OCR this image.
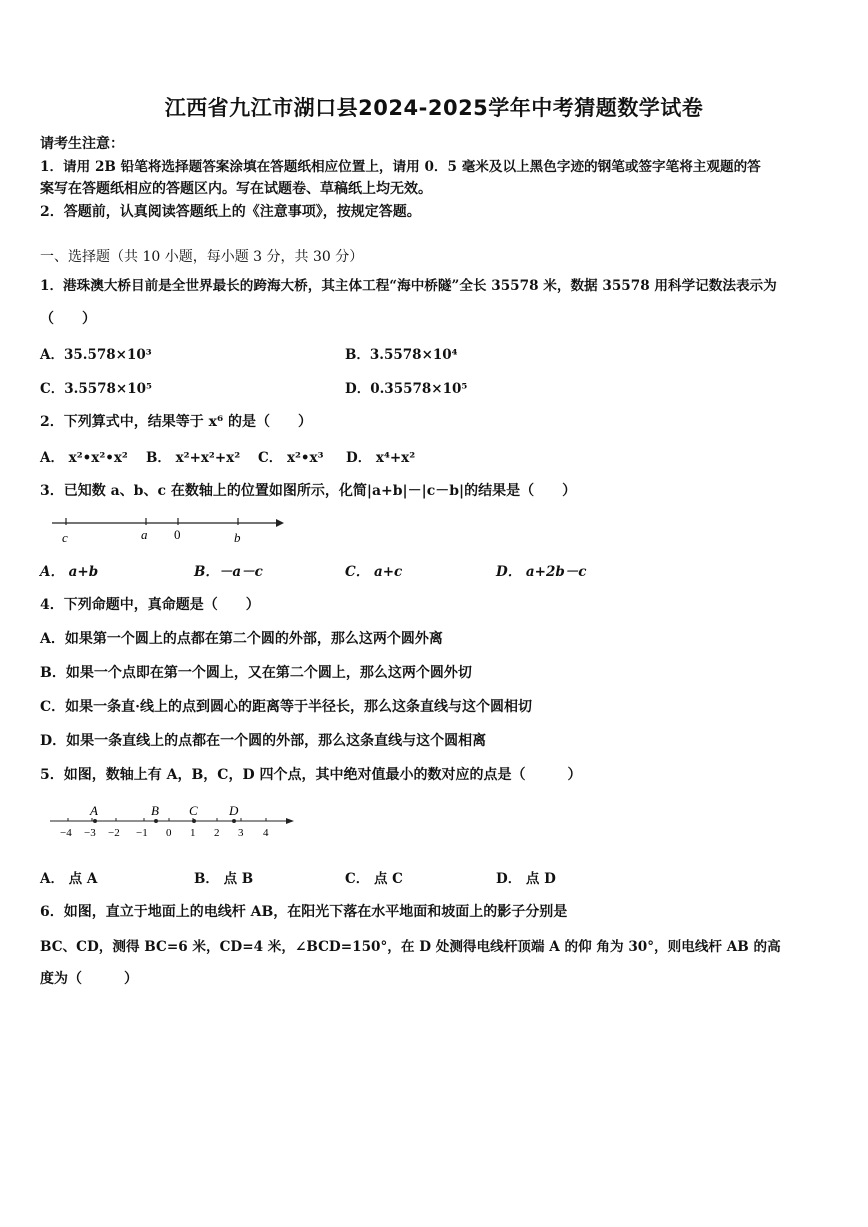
江西省九江市湖口县2024-2025学年中考猜题数学试卷
请考生注意：
1．请用 2B 铅笔将选择题答案涂填在答题纸相应位置上，请用 0．5 毫米及以上黑色字迹的钢笔或签字笔将主观题的答
案写在答题纸相应的答题区内。写在试题卷、草稿纸上均无效。
2．答题前，认真阅读答题纸上的《注意事项》，按规定答题。
一、选择题（共 10 小题，每小题 3 分，共 30 分）
1．港珠澳大桥目前是全世界最长的跨海大桥，其主体工程“海中桥隧”全长 35578 米，数据 35578 用科学记数法表示为
（　　）
A．35.578×10³	B．3.5578×10⁴
C．3.5578×10⁵	D．0.35578×10⁵
2．下列算式中，结果等于 x⁶ 的是（　　）
A． x²•x²•x² B． x²+x²+x² C． x²•x³ D． x⁴+x²
3．已知数 a、b、c 在数轴上的位置如图所示，化简|a+b|－|c－b|的结果是（　　）
c	a 0	b
A． a+b	B．－a－c	C． a+c	D． a+2b－c
4．下列命题中，真命题是（　　）
A．如果第一个圆上的点都在第二个圆的外部，那么这两个圆外离
B．如果一个点即在第一个圆上，又在第二个圆上，那么这两个圆外切
C．如果一条直·线上的点到圆心的距离等于半径长，那么这条直线与这个圆相切
D．如果一条直线上的点都在一个圆的外部，那么这条直线与这个圆相离
5．如图，数轴上有 A，B，C，D 四个点，其中绝对值最小的数对应的点是（　　　）
A	B C D
−4 −3 −2 −1 0 1 2 3 4
A． 点 A	B． 点 B	C． 点 C	D． 点 D
6．如图，直立于地面上的电线杆 AB，在阳光下落在水平地面和坡面上的影子分别是
BC、CD，测得 BC=6 米，CD=4 米，∠BCD=150°，在 D 处测得电线杆顶端 A 的仰 角为 30°，则电线杆 AB 的高
度为（　　　）
